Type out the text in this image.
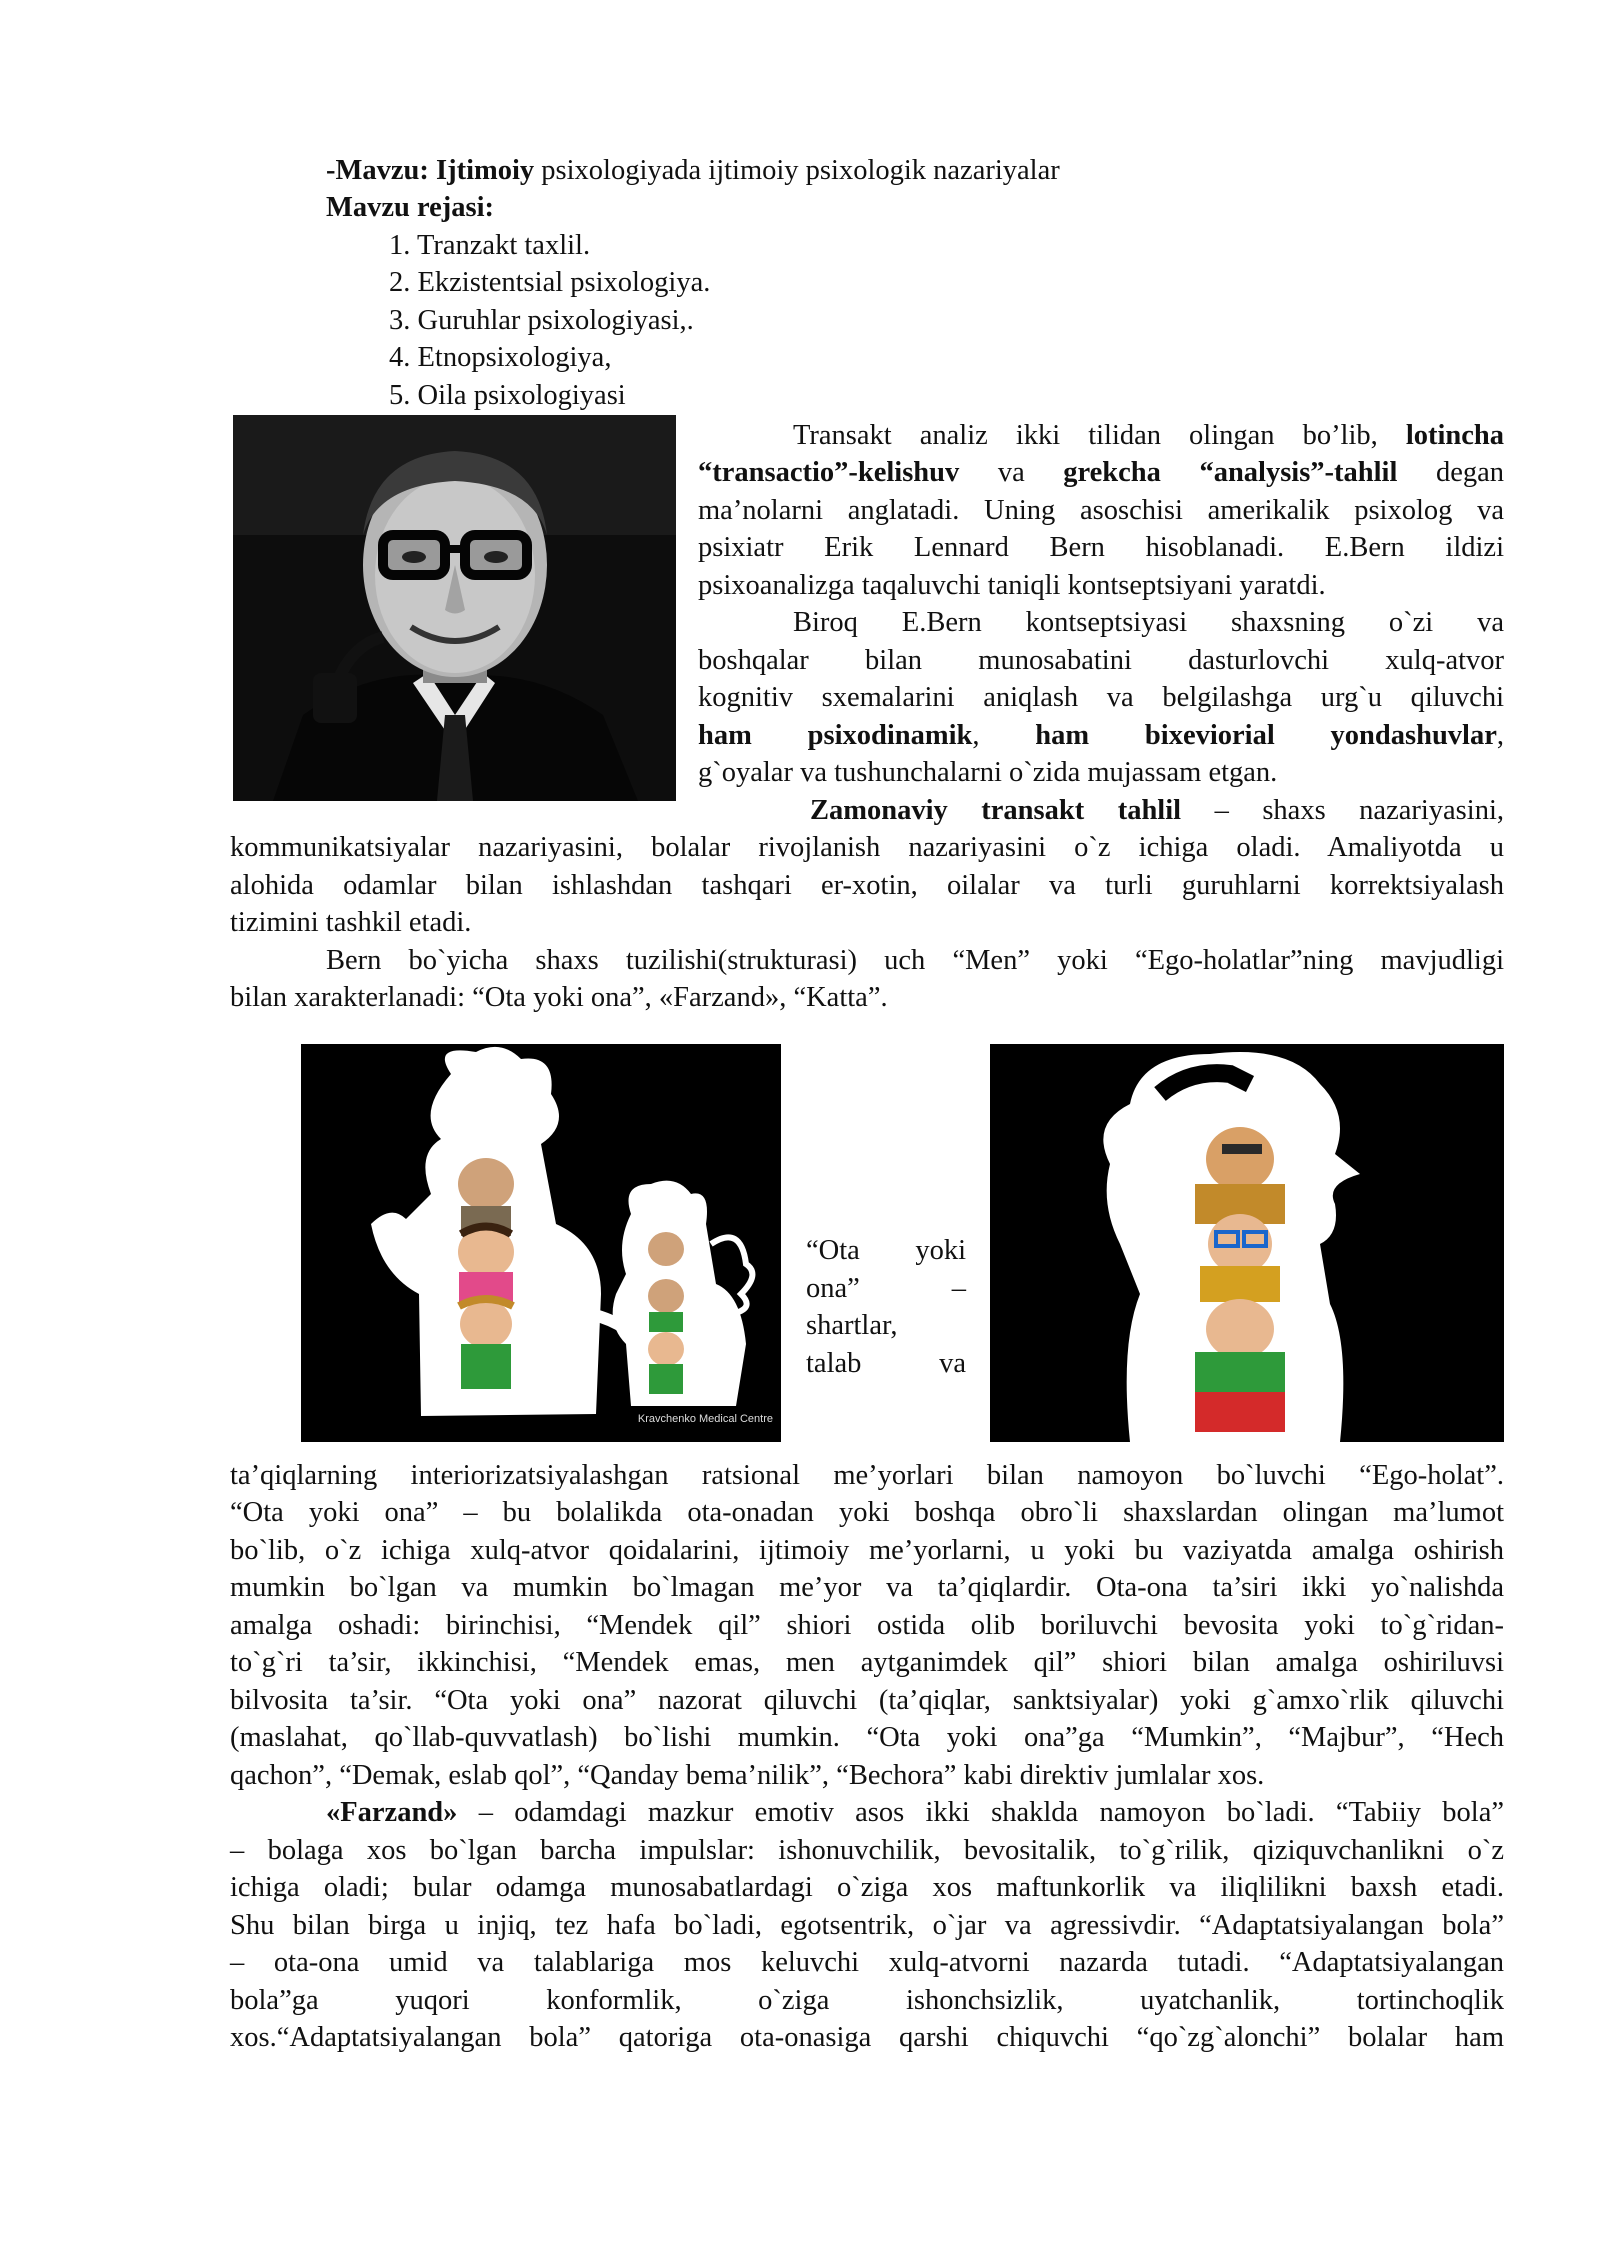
-Mavzu: Ijtimoiy psixologiyada ijtimoiy psixologik nazariyalar
Mavzu rejasi:
1. Tranzakt taxlil.
2. Ekzistentsial psixologiya.
3. Guruhlar psixologiyasi,.
4. Etnopsixologiya,
5. Oila psixologiyasi
Transakt analiz ikki tilidan olingan bo’lib, lotincha
“transactio”-kelishuv va grekcha “analysis”-tahlil degan
ma’nolarni anglatadi. Uning asoschisi amerikalik psixolog va
psixiatr Erik Lennard Bern hisoblanadi. E.Bern ildizi
psixoanalizga taqaluvchi taniqli kontseptsiyani yaratdi.
Biroq E.Bern kontseptsiyasi shaxsning o`zi va
boshqalar bilan munosabatini dasturlovchi xulq-atvor
kognitiv sxemalarini aniqlash va belgilashga urg`u qiluvchi
ham psixodinamik, ham bixeviorial yondashuvlar,
g`oyalar va tushunchalarni o`zida mujassam etgan.
Zamonaviy transakt tahlil – shaxs nazariyasini,
kommunikatsiyalar nazariyasini, bolalar rivojlanish nazariyasini o`z ichiga oladi. Amaliyotda u
alohida odamlar bilan ishlashdan tashqari er-xotin, oilalar va turli guruhlarni korrektsiyalash
tizimini tashkil etadi.
Bern bo`yicha shaxs tuzilishi(strukturasi) uch “Men” yoki “Ego-holatlar”ning mavjudligi
bilan xarakterlanadi: “Ota yoki ona”, «Farzand», “Katta”.
Kravchenko Medical Centre
“Ota yoki
ona”	–
shartlar,
talab	va
ta’qiqlarning interiorizatsiyalashgan ratsional me’yorlari bilan namoyon bo`luvchi “Ego-holat”.
“Ota yoki ona” – bu bolalikda ota-onadan yoki boshqa obro`li shaxslardan olingan ma’lumot
bo`lib, o`z ichiga xulq-atvor qoidalarini, ijtimoiy me’yorlarni, u yoki bu vaziyatda amalga oshirish
mumkin bo`lgan va mumkin bo`lmagan me’yor va ta’qiqlardir. Ota-ona ta’siri ikki yo`nalishda
amalga oshadi: birinchisi, “Mendek qil” shiori ostida olib boriluvchi bevosita yoki to`g`ridan-
to`g`ri ta’sir, ikkinchisi, “Mendek emas, men aytganimdek qil” shiori bilan amalga oshiriluvsi
bilvosita ta’sir. “Ota yoki ona” nazorat qiluvchi (ta’qiqlar, sanktsiyalar) yoki g`amxo`rlik qiluvchi
(maslahat, qo`llab-quvvatlash) bo`lishi mumkin. “Ota yoki ona”ga “Mumkin”, “Majbur”, “Hech
qachon”, “Demak, eslab qol”, “Qanday bema’nilik”, “Bechora” kabi direktiv jumlalar xos.
«Farzand» – odamdagi mazkur emotiv asos ikki shaklda namoyon bo`ladi. “Tabiiy bola”
– bolaga xos bo`lgan barcha impulslar: ishonuvchilik, bevositalik, to`g`rilik, qiziquvchanlikni o`z
ichiga oladi; bular odamga munosabatlardagi o`ziga xos maftunkorlik va iliqlilikni baxsh etadi.
Shu bilan birga u injiq, tez hafa bo`ladi, egotsentrik, o`jar va agressivdir. “Adaptatsiyalangan bola”
– ota-ona umid va talablariga mos keluvchi xulq-atvorni nazarda tutadi. “Adaptatsiyalangan
bola”ga yuqori konformlik, o`ziga ishonchsizlik, uyatchanlik, tortinchoqlik
xos.“Adaptatsiyalangan bola” qatoriga ota-onasiga qarshi chiquvchi “qo`zg`alonchi” bolalar ham
